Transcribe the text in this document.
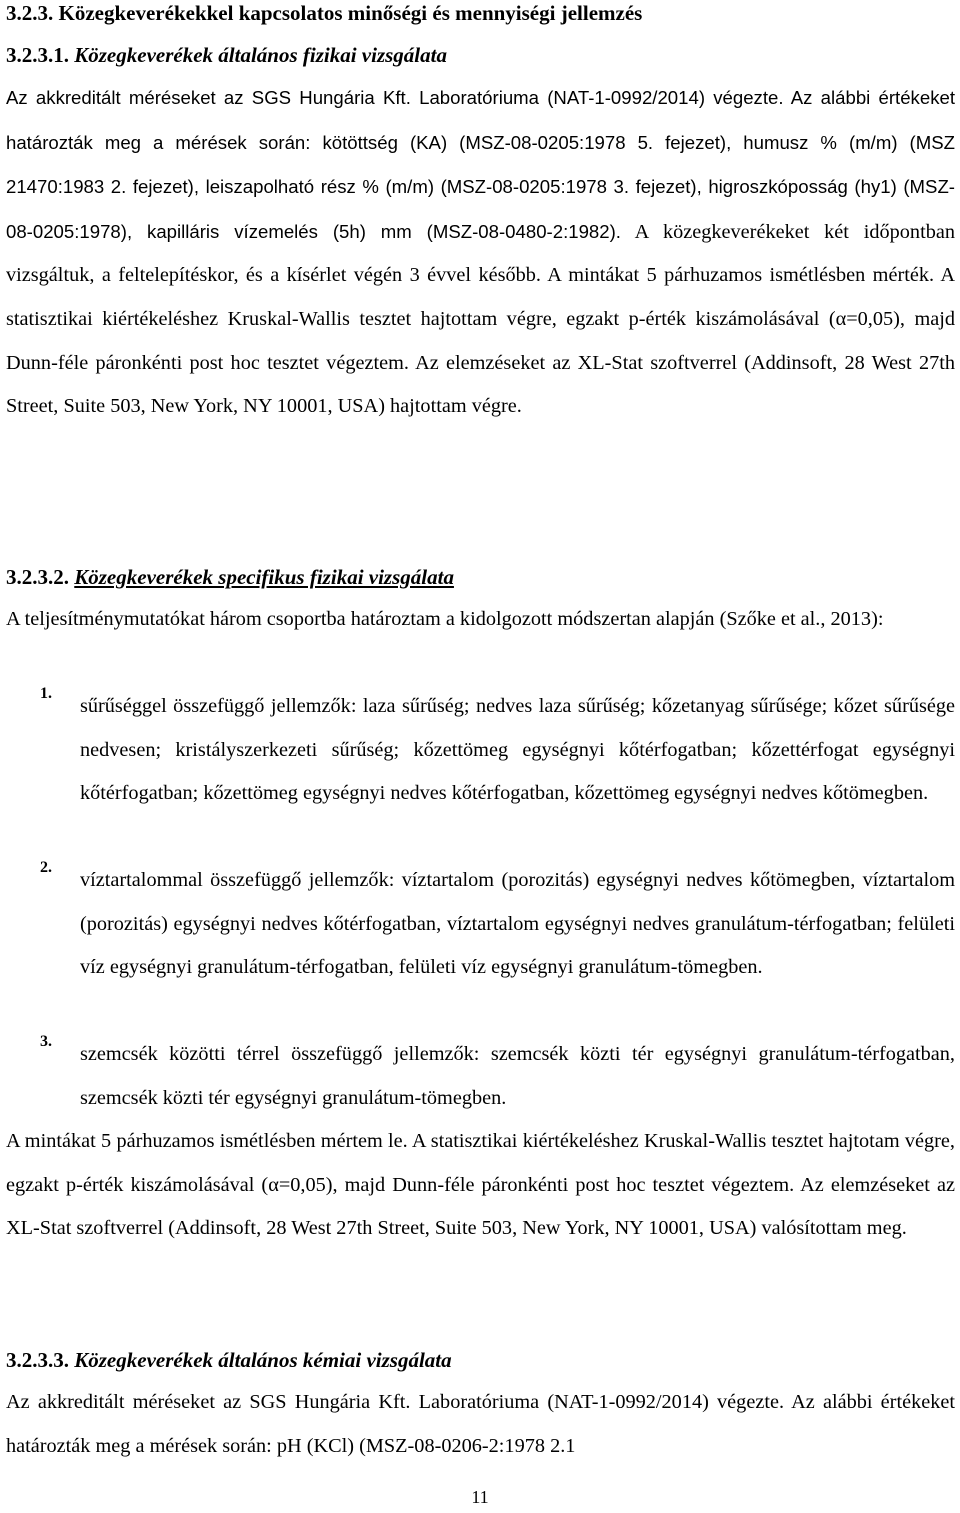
3.2.3. Közegkeverékekkel kapcsolatos minőségi és mennyiségi jellemzés
3.2.3.1. Közegkeverékek általános fizikai vizsgálata

Az akkreditált méréseket az SGS Hungária Kft. Laboratóriuma (NAT-1-0992/2014) végezte. Az alábbi értékeket határozták meg a mérések során: kötöttség (KA) (MSZ-08-0205:1978 5. fejezet), humusz % (m/m) (MSZ 21470:1983 2. fejezet), leiszapolható rész % (m/m) (MSZ-08-0205:1978 3. fejezet), higroszkóposság (hy1) (MSZ-08-0205:1978), kapilláris vízemelés (5h) mm (MSZ-08-0480-2:1982). A közegkeverékeket két időpontban vizsgáltuk, a feltelepítéskor, és a kísérlet végén 3 évvel később. A mintákat 5 párhuzamos ismétlésben mérték. A statisztikai kiértékeléshez Kruskal-Wallis tesztet hajtottam végre, egzakt p-érték kiszámolásával (α=0,05), majd Dunn-féle páronkénti post hoc tesztet végeztem. Az elemzéseket az XL-Stat szoftverrel (Addinsoft, 28 West 27th Street, Suite 503, New York, NY 10001, USA) hajtottam végre.

3.2.3.2. Közegkeverékek specifikus fizikai vizsgálata

A teljesítménymutatókat három csoportba határoztam a kidolgozott módszertan alapján (Szőke et al., 2013):

1.
sűrűséggel összefüggő jellemzők: laza sűrűség; nedves laza sűrűség; kőzetanyag sűrűsége; kőzet sűrűsége nedvesen; kristályszerkezeti sűrűség; kőzettömeg egységnyi kőtérfogatban; kőzettérfogat egységnyi kőtérfogatban; kőzettömeg egységnyi nedves kőtérfogatban, kőzettömeg egységnyi nedves kőtömegben.
2.
víztartalommal összefüggő jellemzők: víztartalom (porozitás) egységnyi nedves kőtömegben, víztartalom (porozitás) egységnyi nedves kőtérfogatban, víztartalom egységnyi nedves granulátum-térfogatban; felületi víz egységnyi granulátum-térfogatban, felületi víz egységnyi granulátum-tömegben.
3.
szemcsék közötti térrel összefüggő jellemzők: szemcsék közti tér egységnyi granulátum-térfogatban, szemcsék közti tér egységnyi granulátum-tömegben.

A mintákat 5 párhuzamos ismétlésben mértem le. A statisztikai kiértékeléshez Kruskal-Wallis tesztet hajtotam végre, egzakt p-érték kiszámolásával (α=0,05), majd Dunn-féle páronkénti post hoc tesztet végeztem. Az elemzéseket az XL-Stat szoftverrel (Addinsoft, 28 West 27th Street, Suite 503, New York, NY 10001, USA) valósítottam meg.

3.2.3.3. Közegkeverékek általános kémiai vizsgálata

Az akkreditált méréseket az SGS Hungária Kft. Laboratóriuma (NAT-1-0992/2014) végezte. Az alábbi értékeket határozták meg a mérések során: pH (KCl) (MSZ-08-0206-2:1978 2.1

11
